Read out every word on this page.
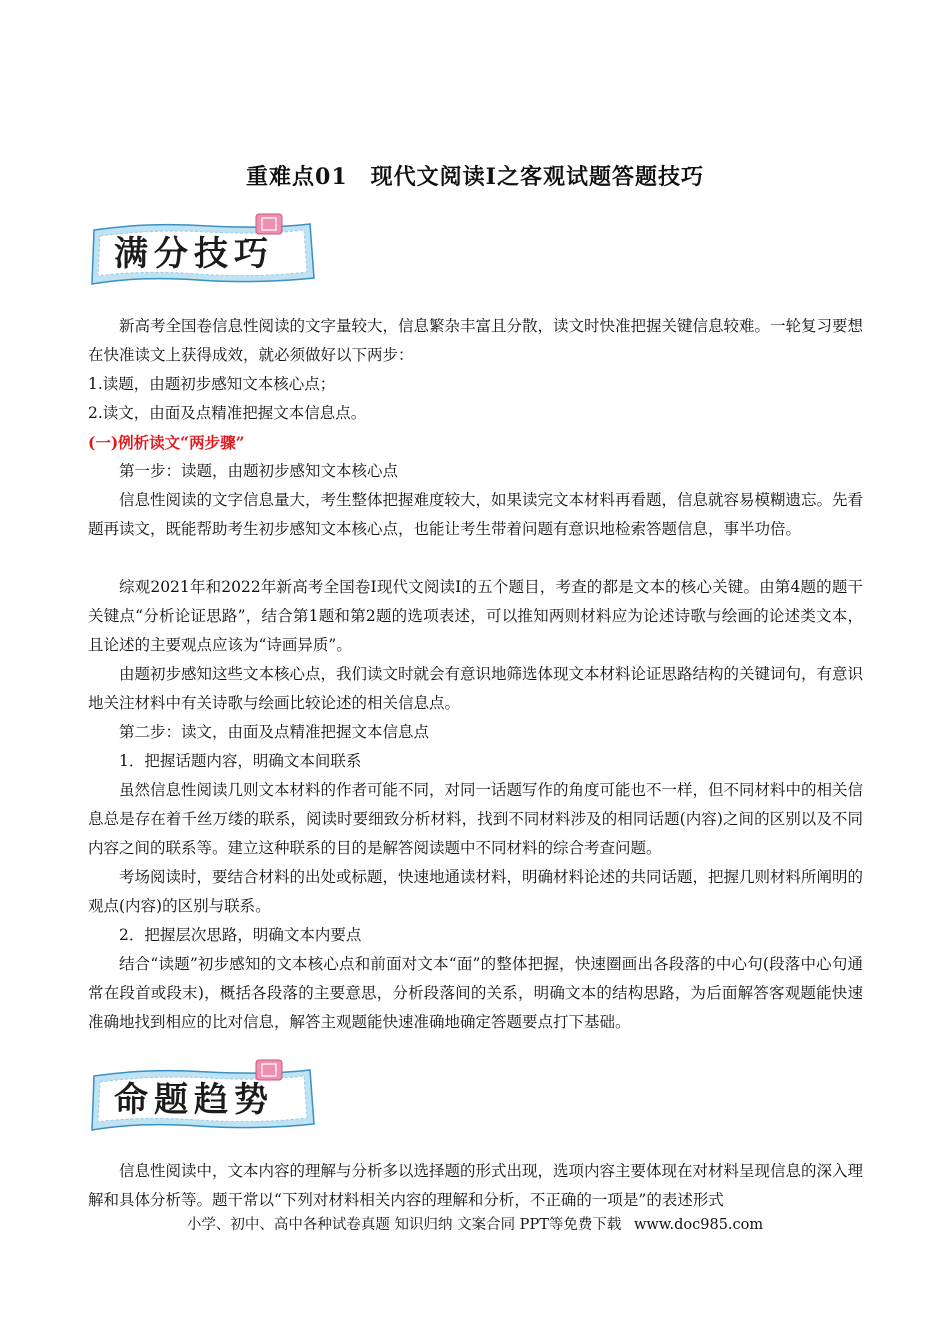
重难点01　现代文阅读I之客观试题答题技巧
满分技巧

新高考全国卷信息性阅读的文字量较大，信息繁杂丰富且分散，读文时快准把握关键信息较难。一轮复习要想在快准读文上获得成效，就必须做好以下两步：

1.读题，由题初步感知文本核心点；

2.读文，由面及点精准把握文本信息点。

(一)例析读文“两步骤”

第一步：读题，由题初步感知文本核心点

信息性阅读的文字信息量大，考生整体把握难度较大，如果读完文本材料再看题，信息就容易模糊遗忘。先看题再读文，既能帮助考生初步感知文本核心点，也能让考生带着问题有意识地检索答题信息，事半功倍。

综观2021年和2022年新高考全国卷Ⅰ现代文阅读Ⅰ的五个题目，考查的都是文本的核心关键。由第4题的题干关键点“分析论证思路”，结合第1题和第2题的选项表述，可以推知两则材料应为论述诗歌与绘画的论述类文本，且论述的主要观点应该为“诗画异质”。

由题初步感知这些文本核心点，我们读文时就会有意识地筛选体现文本材料论证思路结构的关键词句，有意识地关注材料中有关诗歌与绘画比较论述的相关信息点。

第二步：读文，由面及点精准把握文本信息点

1．把握话题内容，明确文本间联系

虽然信息性阅读几则文本材料的作者可能不同，对同一话题写作的角度可能也不一样，但不同材料中的相关信息总是存在着千丝万缕的联系，阅读时要细致分析材料，找到不同材料涉及的相同话题(内容)之间的区别以及不同内容之间的联系等。建立这种联系的目的是解答阅读题中不同材料的综合考查问题。

考场阅读时，要结合材料的出处或标题，快速地通读材料，明确材料论述的共同话题，把握几则材料所阐明的观点(内容)的区别与联系。

2．把握层次思路，明确文本内要点

结合“读题”初步感知的文本核心点和前面对文本“面”的整体把握，快速圈画出各段落的中心句(段落中心句通常在段首或段末)，概括各段落的主要意思，分析段落间的关系，明确文本的结构思路，为后面解答客观题能快速准确地找到相应的比对信息，解答主观题能快速准确地确定答题要点打下基础。

命题趋势

信息性阅读中，文本内容的理解与分析多以选择题的形式出现，选项内容主要体现在对材料呈现信息的深入理解和具体分析等。题干常以“下列对材料相关内容的理解和分析，不正确的一项是”的表述形式

小学、初中、高中各种试卷真题 知识归纳 文案合同 PPT等免费下载 www.doc985.com
